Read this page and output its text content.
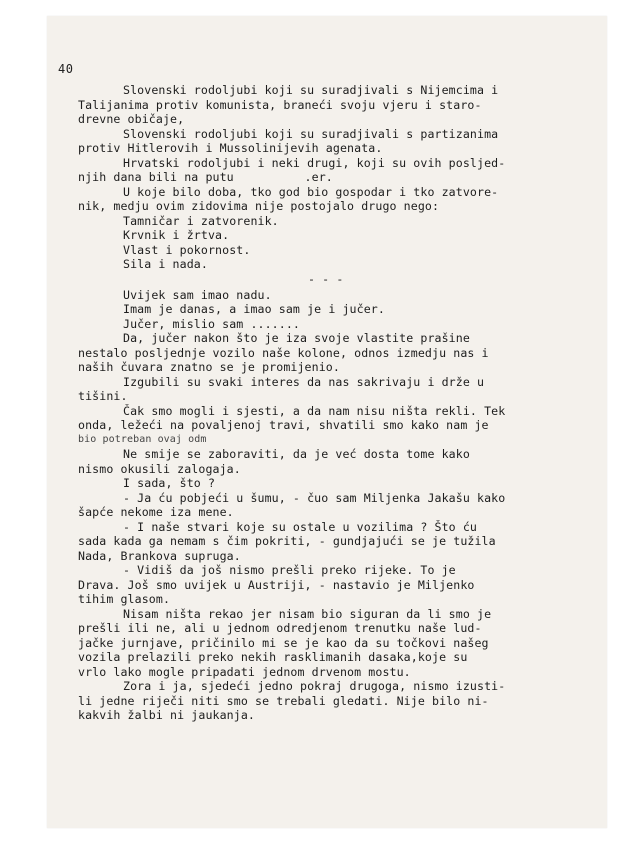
40
Slovenski rodoljubi koji su suradjivali s Nijemcima i
Talijanima protiv komunista, braneći svoju vjeru i staro-
drevne običaje,
Slovenski rodoljubi koji su suradjivali s partizanima
protiv Hitlerovih i Mussolinijevih agenata.
Hrvatski rodoljubi i neki drugi, koji su ovih posljed-
njih dana bili na putu          .er.
U koje bilo doba, tko god bio gospodar i tko zatvore-
nik, medju ovim zidovima nije postojalo drugo nego:
Tamničar i zatvorenik.
Krvnik i žrtva.
Vlast i pokornost.
Sila i nada.
- - -
Uvijek sam imao nadu.
Imam je danas, a imao sam je i jučer.
Jučer, mislio sam .......
Da, jučer nakon što je iza svoje vlastite prašine
nestalo posljednje vozilo naše kolone, odnos izmedju nas i
naših čuvara znatno se je promijenio.
Izgubili su svaki interes da nas sakrivaju i drže u
tišini.
Čak smo mogli i sjesti, a da nam nisu ništa rekli. Tek
onda, ležeći na povaljenoj travi, shvatili smo kako nam je
bio potreban ovaj odm
Ne smije se zaboraviti, da je već dosta tome kako
nismo okusili zalogaja.
I sada, što ?
- Ja ću pobjeći u šumu, - čuo sam Miljenka Jakašu kako
šapće nekome iza mene.
- I naše stvari koje su ostale u vozilima ? Što ću
sada kada ga nemam s čim pokriti, - gundjajući se je tužila
Nada, Brankova supruga.
- Vidiš da još nismo prešli preko rijeke. To je
Drava. Još smo uvijek u Austriji, - nastavio je Miljenko
tihim glasom.
Nisam ništa rekao jer nisam bio siguran da li smo je
prešli ili ne, ali u jednom odredjenom trenutku naše lud-
jačke jurnjave, pričinilo mi se je kao da su točkovi našeg
vozila prelazili preko nekih rasklimanih dasaka,koje su
vrlo lako mogle pripadati jednom drvenom mostu.
Zora i ja, sjedeći jedno pokraj drugoga, nismo izusti-
li jedne riječi niti smo se trebali gledati. Nije bilo ni-
kakvih žalbi ni jaukanja.
